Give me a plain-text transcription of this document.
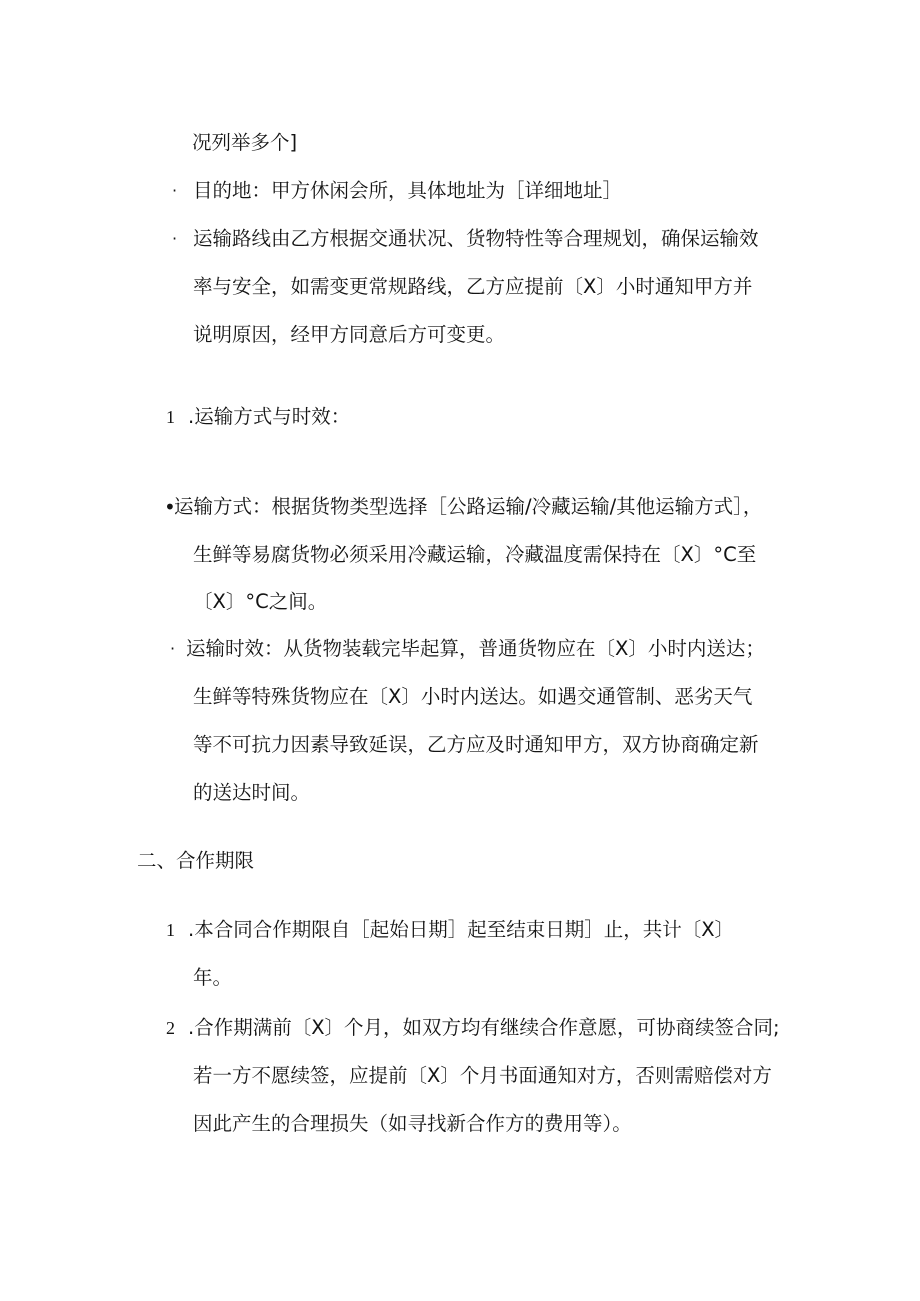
况列举多个]

· 目的地：甲方休闲会所，具体地址为［详细地址］

· 运输路线由乙方根据交通状况、货物特性等合理规划，确保运输效

率与安全，如需变更常规路线，乙方应提前〔X〕小时通知甲方并

说明原因，经甲方同意后方可变更。

1 .运输方式与时效：

•

运输方式：根据货物类型选择［公路运输/冷藏运输/其他运输方式］，

生鲜等易腐货物必须采用冷藏运输，冷藏温度需保持在〔X〕°C至

〔X〕°C之间。

· 运输时效：从货物装载完毕起算，普通货物应在〔X〕小时内送达；

生鲜等特殊货物应在〔X〕小时内送达。如遇交通管制、恶劣天气

等不可抗力因素导致延误，乙方应及时通知甲方，双方协商确定新

的送达时间。

二、合作期限

1 .本合同合作期限自［起始日期］起至结束日期］止，共计〔X〕

年。

2 .合作期满前〔X〕个月，如双方均有继续合作意愿，可协商续签合同;

若一方不愿续签，应提前〔X〕个月书面通知对方，否则需赔偿对方

因此产生的合理损失（如寻找新合作方的费用等）。
